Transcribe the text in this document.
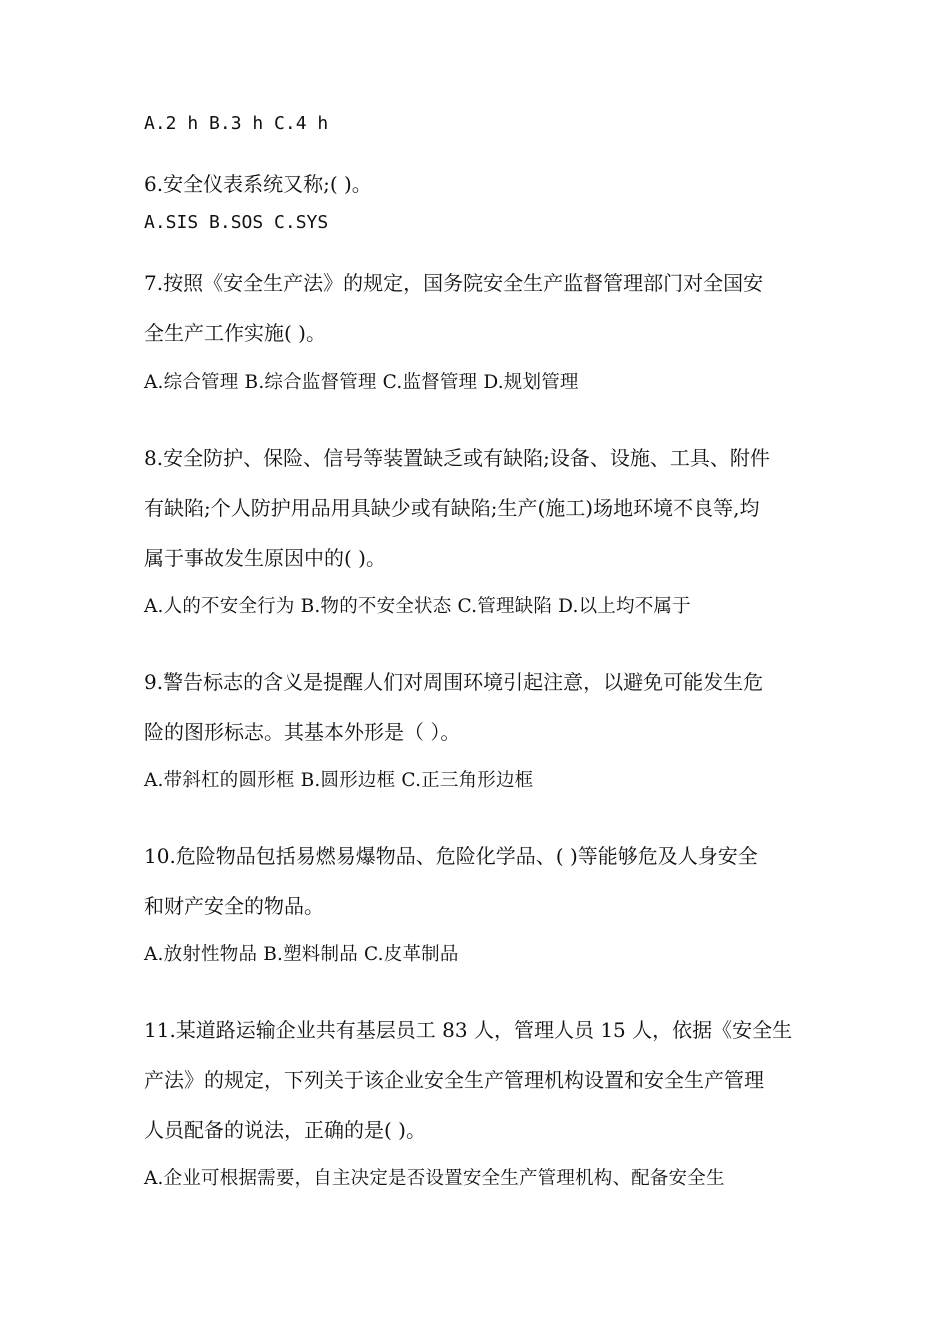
A.2 h B.3 h C.4 h
6.安全仪表系统又称;( )。
A.SIS B.SOS C.SYS
7.按照《安全生产法》的规定，国务院安全生产监督管理部门对全国安
全生产工作实施( )。
A.综合管理 B.综合监督管理 C.监督管理 D.规划管理
8.安全防护、保险、信号等装置缺乏或有缺陷;设备、设施、工具、附件
有缺陷;个人防护用品用具缺少或有缺陷;生产(施工)场地环境不良等,均
属于事故发生原因中的( )。
A.人的不安全行为 B.物的不安全状态 C.管理缺陷 D.以上均不属于
9.警告标志的含义是提醒人们对周围环境引起注意，以避免可能发生危
险的图形标志。其基本外形是（ ）。
A.带斜杠的圆形框 B.圆形边框 C.正三角形边框
10.危险物品包括易燃易爆物品、危险化学品、( )等能够危及人身安全
和财产安全的物品。
A.放射性物品 B.塑料制品 C.皮革制品
11.某道路运输企业共有基层员工 83 人，管理人员 15 人，依据《安全生
产法》的规定，下列关于该企业安全生产管理机构设置和安全生产管理
人员配备的说法，正确的是( )。
A.企业可根据需要，自主决定是否设置安全生产管理机构、配备安全生
